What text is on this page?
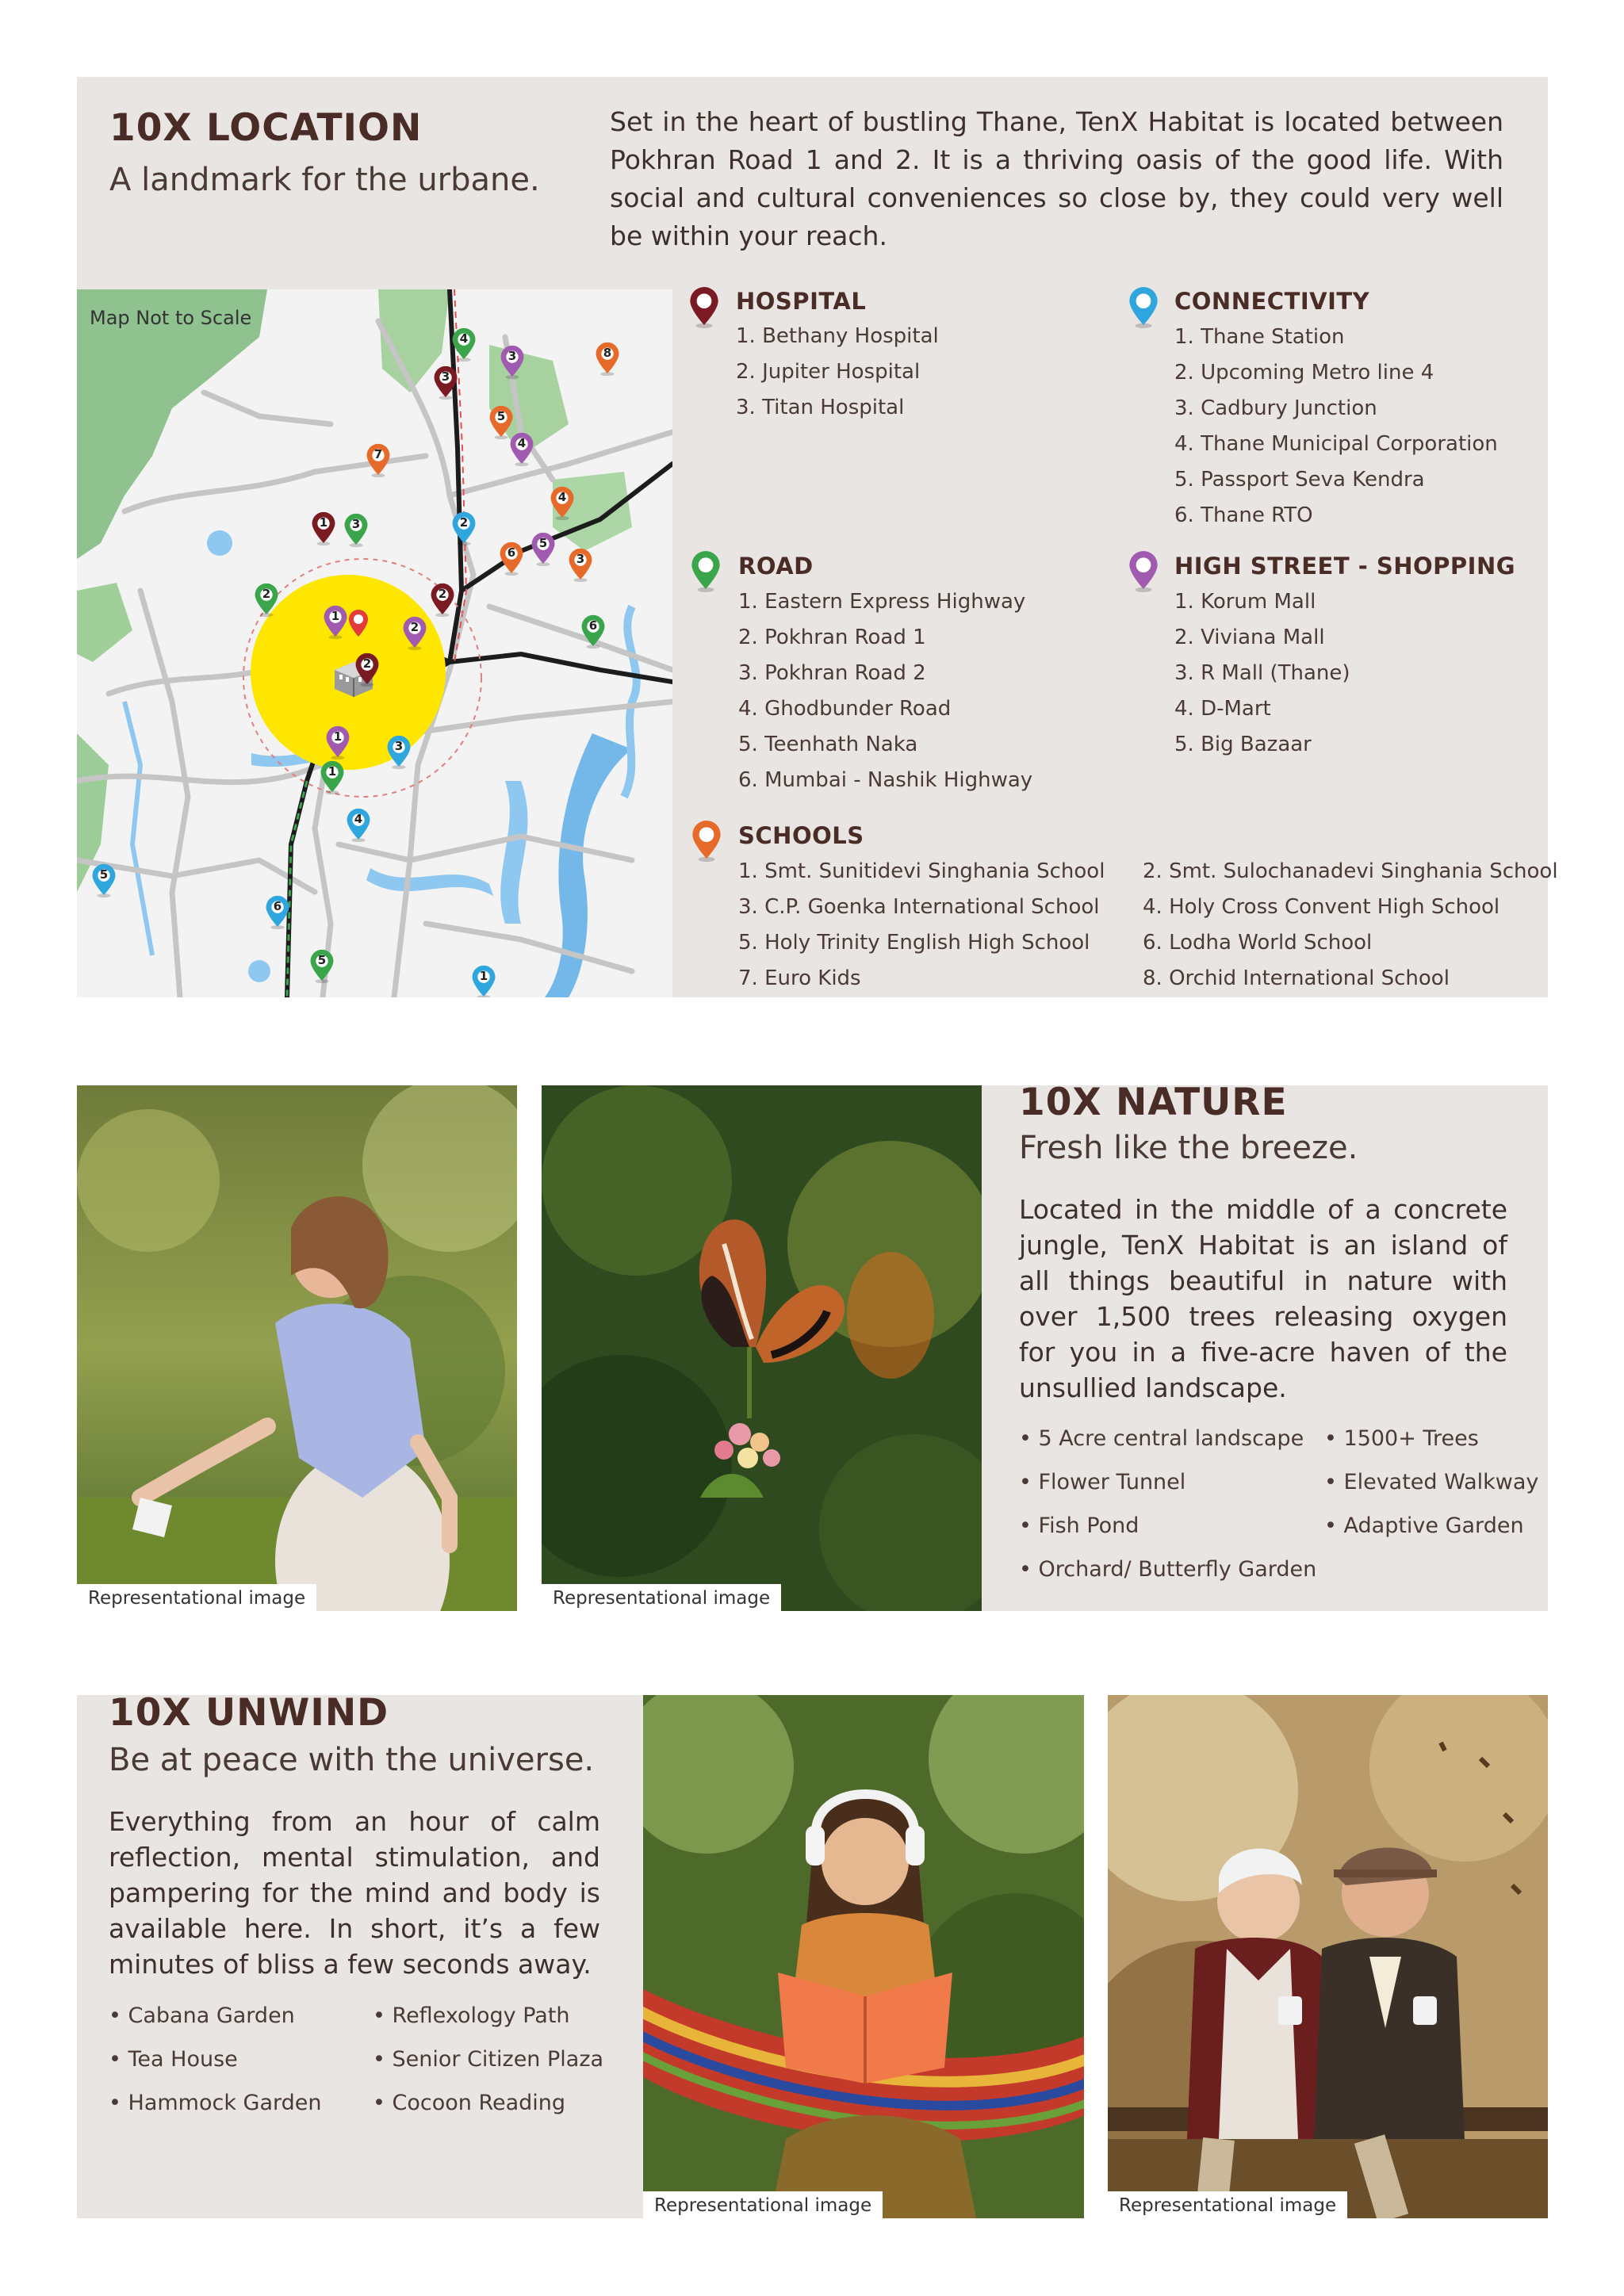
10X LOCATION
A landmark for the urbane.
Set in the heart of bustling Thane, TenX Habitat is located between Pokhran Road 1 and 2. It is a thriving oasis of the good life. With social and cultural conveniences so close by, they could very well be within your reach.
Map Not to Scale
4
3	8
3
5
4
7
4
1	3	2
5
3
6
2	2
1
2	6
2
1
3
1
4
5
6
5
1
HOSPITAL
1. Bethany Hospital
2. Jupiter Hospital
3. Titan Hospital
CONNECTIVITY
1. Thane Station
2. Upcoming Metro line 4
3. Cadbury Junction
4. Thane Municipal Corporation
5. Passport Seva Kendra
6. Thane RTO
ROAD
1. Eastern Express Highway
2. Pokhran Road 1
3. Pokhran Road 2
4. Ghodbunder Road
5. Teenhath Naka
6. Mumbai - Nashik Highway
HIGH STREET - SHOPPING
1. Korum Mall
2. Viviana Mall
3. R Mall (Thane)
4. D-Mart
5. Big Bazaar
SCHOOLS
1. Smt. Sunitidevi Singhania School
3. C.P. Goenka International School
5. Holy Trinity English High School
7. Euro Kids
2. Smt. Sulochanadevi Singhania School
4. Holy Cross Convent High School
6. Lodha World School
8. Orchid International School
Representational image	Representational image
10X NATURE
Fresh like the breeze.
Located in the middle of a concrete jungle, TenX Habitat is an island of all things beautiful in nature with over 1,500 trees releasing oxygen for you in a five-acre haven of the unsullied landscape.
• 5 Acre central landscape
• Flower Tunnel
• Fish Pond
• Orchard/ Butterfly Garden
• 1500+ Trees
• Elevated Walkway
• Adaptive Garden
10X UNWIND
Be at peace with the universe.
Everything from an hour of calm reflection, mental stimulation, and pampering for the mind and body is available here. In short, it’s a few minutes of bliss a few seconds away.
• Cabana Garden
• Tea House
• Hammock Garden
• Reflexology Path
• Senior Citizen Plaza
• Cocoon Reading
Representational image	Representational image
